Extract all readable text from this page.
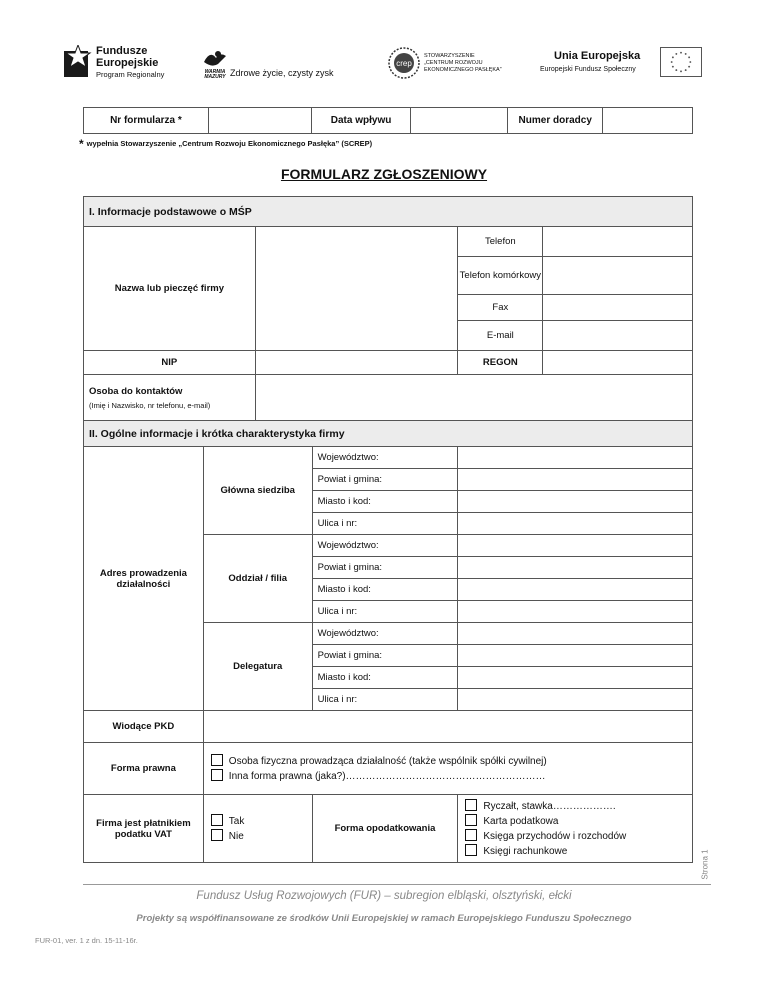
Fundusze
Europejskie
Program Regionalny	WARMIA MAZURY Zdrowe życie, czysty zysk
crep
STOWARZYSZENIE
„CENTRUM ROZWOJU
EKONOMICZNEGO PASŁĘKA”
Unia Europejska
Europejski Fundusz Społeczny
Nr formularza *		Data wpływu		Numer doradcy	
* wypełnia Stowarzyszenie „Centrum Rozwoju Ekonomicznego Pasłęka” (SCREP)
FORMULARZ ZGŁOSZENIOWY
I. Informacje podstawowe o MŚP					
Nazwa lub pieczęć firmy				Telefon	
				Telefon komórkowy	
				Fax	
				E-mail	
NIP				REGON	

Osoba do kontaktów
(Imię i Nazwisko, nr telefonu, e-mail)					

II. Ogólne informacje i krótka charakterystyka firmy					
Adres prowadzenia działalności	Główna siedziba		Województwo:		
			Powiat i gmina:		
			Miasto i kod:		
			Ulica i nr:		
	Oddział / filia		Województwo:		
			Powiat i gmina:		
			Miasto i kod:		
			Ulica i nr:		
	Delegatura		Województwo:		
			Powiat i gmina:		
			Miasto i kod:		
			Ulica i nr:		
Wiodące PKD					
Forma prawna	Osoba fizyczna prowadząca działalność (także wspólnik spółki cywilnej)
Inna forma prawna (jaka?)……………………………………………………				

Firma jest płatnikiem podatku VAT	Tak
Nie		Forma opodatkowania	Ryczałt, stawka……………….
Karta podatkowa
Księga przychodów i rozchodów
Księgi rachunkowe		Strona 1
Fundusz Usług Rozwojowych (FUR) – subregion elbląski, olsztyński, ełcki
Projekty są współfinansowane ze środków Unii Europejskiej w ramach Europejskiego Funduszu Społecznego
FUR-01, ver. 1 z dn. 15-11-16r.
